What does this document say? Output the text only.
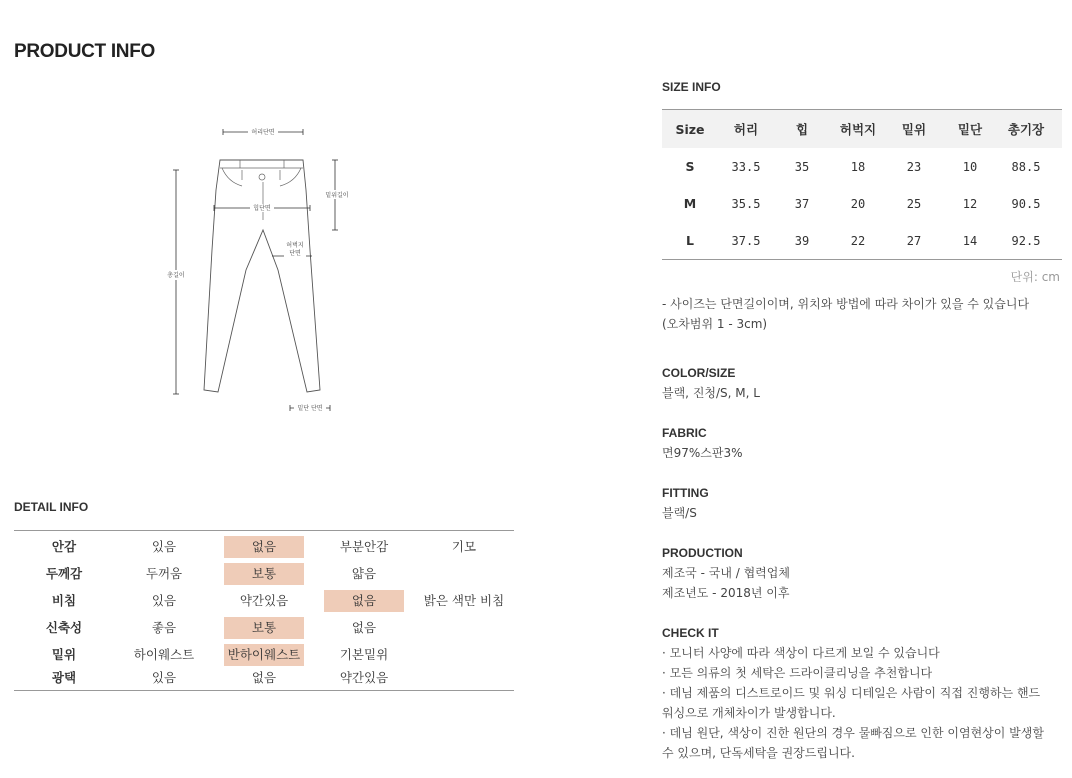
PRODUCT INFO
허리단면
밑위길이
힙단면
허벅지
단면
총길이
밑단 단면
DETAIL INFO
안감	있음	없음	부분안감	기모
두께감	두꺼움	보통	얇음
비침	있음	약간있음	없음	밝은 색만 비침
신축성	좋음	보통	없음
밑위	하이웨스트	반하이웨스트	기본밑위
광택	있음	없음	약간있음
SIZE INFO
Size	허리	힙	허벅지	밑위	밑단	총기장
S	33.5	35	18	23	10	88.5
M	35.5	37	20	25	12	90.5
L	37.5	39	22	27	14	92.5
단위: cm
- 사이즈는 단면길이이며, 위치와 방법에 따라 차이가 있을 수 있습니다
(오차범위 1 - 3cm)
COLOR/SIZE
블랙, 진청/S, M, L
FABRIC
면97%스판3%
FITTING
블랙/S
PRODUCTION
제조국 - 국내 / 협력업체
제조년도 - 2018년 이후
CHECK IT
· 모니터 사양에 따라 색상이 다르게 보일 수 있습니다
· 모든 의류의 첫 세탁은 드라이클리닝을 추천합니다
· 데님 제품의 디스트로이드 및 워싱 디테일은 사람이 직접 진행하는 핸드
워싱으로 개체차이가 발생합니다.
· 데님 원단, 색상이 진한 원단의 경우 물빠짐으로 인한 이염현상이 발생할
수 있으며, 단독세탁을 권장드립니다.
